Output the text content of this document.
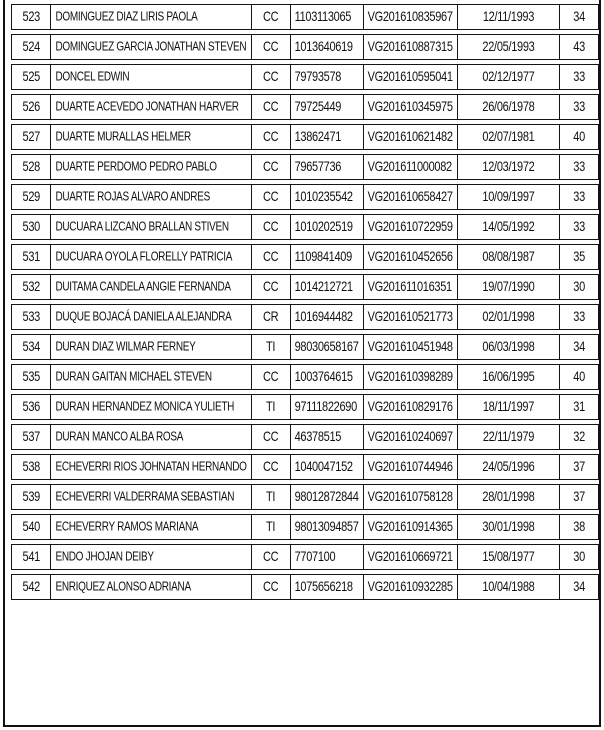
523	DOMINGUEZ DIAZ LIRIS PAOLA	CC	1103113065	VG201610835967	12/11/1993	34
524	DOMINGUEZ GARCIA JONATHAN STEVEN	CC	1013640619	VG201610887315	22/05/1993	43
525	DONCEL EDWIN	CC	79793578	VG201610595041	02/12/1977	33
526	DUARTE ACEVEDO JONATHAN HARVER	CC	79725449	VG201610345975	26/06/1978	33
527	DUARTE MURALLAS HELMER	CC	13862471	VG201610621482	02/07/1981	40
528	DUARTE PERDOMO PEDRO PABLO	CC	79657736	VG201611000082	12/03/1972	33
529	DUARTE ROJAS ALVARO ANDRES	CC	1010235542	VG201610658427	10/09/1997	33
530	DUCUARA LIZCANO BRALLAN STIVEN	CC	1010202519	VG201610722959	14/05/1992	33
531	DUCUARA OYOLA FLORELLY PATRICIA	CC	1109841409	VG201610452656	08/08/1987	35
532	DUITAMA CANDELA ANGIE FERNANDA	CC	1014212721	VG201611016351	19/07/1990	30
533	DUQUE BOJACÁ DANIELA ALEJANDRA	CR	1016944482	VG201610521773	02/01/1998	33
534	DURAN DIAZ WILMAR FERNEY	TI	98030658167	VG201610451948	06/03/1998	34
535	DURAN GAITAN MICHAEL STEVEN	CC	1003764615	VG201610398289	16/06/1995	40
536	DURAN HERNANDEZ MONICA YULIETH	TI	97111822690	VG201610829176	18/11/1997	31
537	DURAN MANCO ALBA ROSA	CC	46378515	VG201610240697	22/11/1979	32
538	ECHEVERRI RIOS JOHNATAN HERNANDO	CC	1040047152	VG201610744946	24/05/1996	37
539	ECHEVERRI VALDERRAMA SEBASTIAN	TI	98012872844	VG201610758128	28/01/1998	37
540	ECHEVERRY RAMOS MARIANA	TI	98013094857	VG201610914365	30/01/1998	38
541	ENDO JHOJAN DEIBY	CC	7707100	VG201610669721	15/08/1977	30
542	ENRIQUEZ ALONSO ADRIANA	CC	1075656218	VG201610932285	10/04/1988	34
